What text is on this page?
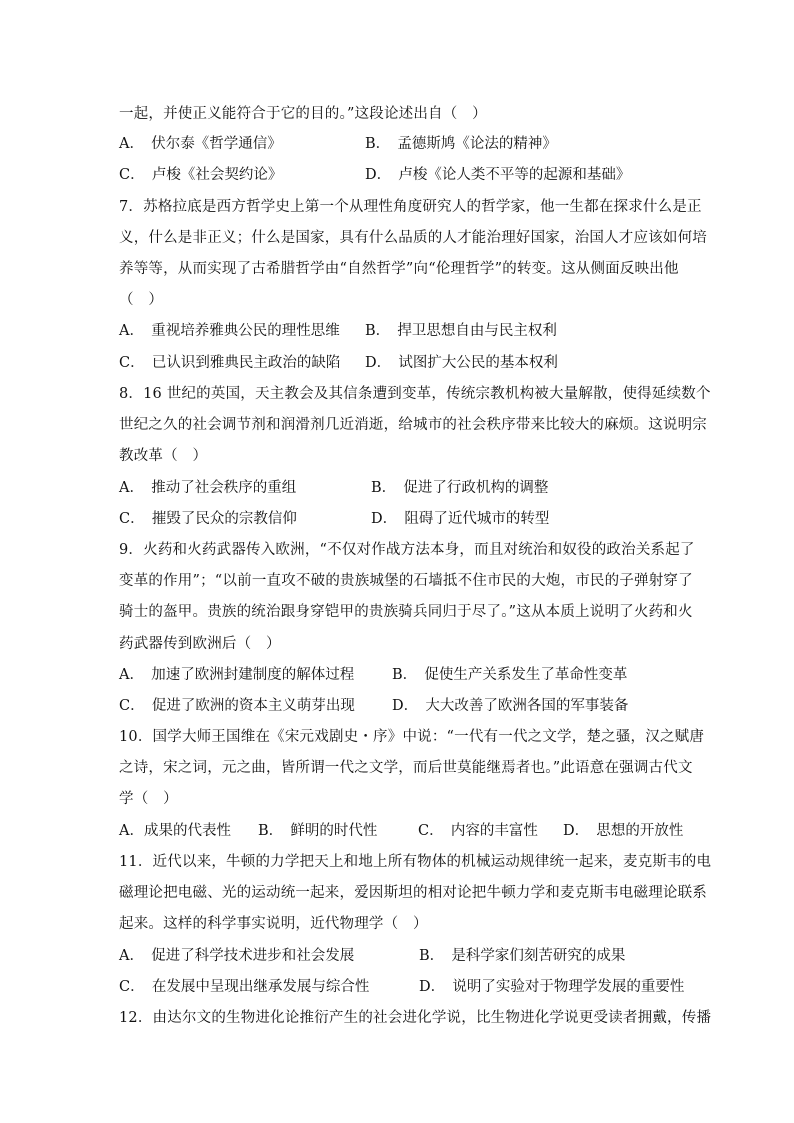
一起，并使正义能符合于它的目的。”这段论述出自（　）
A．　伏尔泰《哲学通信》	B．　孟德斯鸠《论法的精神》
C．　卢梭《社会契约论》	D．　卢梭《论人类不平等的起源和基础》
7．苏格拉底是西方哲学史上第一个从理性角度研究人的哲学家，他一生都在探求什么是正
义，什么是非正义；什么是国家，具有什么品质的人才能治理好国家，治国人才应该如何培
养等等，从而实现了古希腊哲学由“自然哲学”向“伦理哲学”的转变。这从侧面反映出他
（　）
A．　重视培养雅典公民的理性思维 B．　捍卫思想自由与民主权利
C．　已认识到雅典民主政治的缺陷 D．　试图扩大公民的基本权利
8．16 世纪的英国，天主教会及其信条遭到变革，传统宗教机构被大量解散，使得延续数个
世纪之久的社会调节剂和润滑剂几近消逝，给城市的社会秩序带来比较大的麻烦。这说明宗
教改革（　）
A．　推动了社会秩序的重组	B．　促进了行政机构的调整
C．　摧毁了民众的宗教信仰	D．　阻碍了近代城市的转型
9．火药和火药武器传入欧洲，“不仅对作战方法本身，而且对统治和奴役的政治关系起了
变革的作用”；“以前一直攻不破的贵族城堡的石墙抵不住市民的大炮，市民的子弹射穿了
骑士的盔甲。贵族的统治跟身穿铠甲的贵族骑兵同归于尽了。”这从本质上说明了火药和火
药武器传到欧洲后（　）
A．　加速了欧洲封建制度的解体过程	B．　促使生产关系发生了革命性变革
C．　促进了欧洲的资本主义萌芽出现	D．　大大改善了欧洲各国的军事装备
10．国学大师王国维在《宋元戏剧史・序》中说：“一代有一代之文学，楚之骚，汉之赋唐
之诗，宋之词，元之曲，皆所谓一代之文学，而后世莫能继焉者也。”此语意在强调古代文
学（　）
A．成果的代表性 B．　鲜明的时代性	C．　内容的丰富性 D．　思想的开放性
11．近代以来，牛顿的力学把天上和地上所有物体的机械运动规律统一起来，麦克斯韦的电
磁理论把电磁、光的运动统一起来，爱因斯坦的相对论把牛顿力学和麦克斯韦电磁理论联系
起来。这样的科学事实说明，近代物理学（　）
A．　促进了科学技术进步和社会发展	B．　是科学家们刻苦研究的成果
C．　在发展中呈现出继承发展与综合性	D．　说明了实验对于物理学发展的重要性
12．由达尔文的生物进化论推衍产生的社会进化学说，比生物进化学说更受读者拥戴，传播
